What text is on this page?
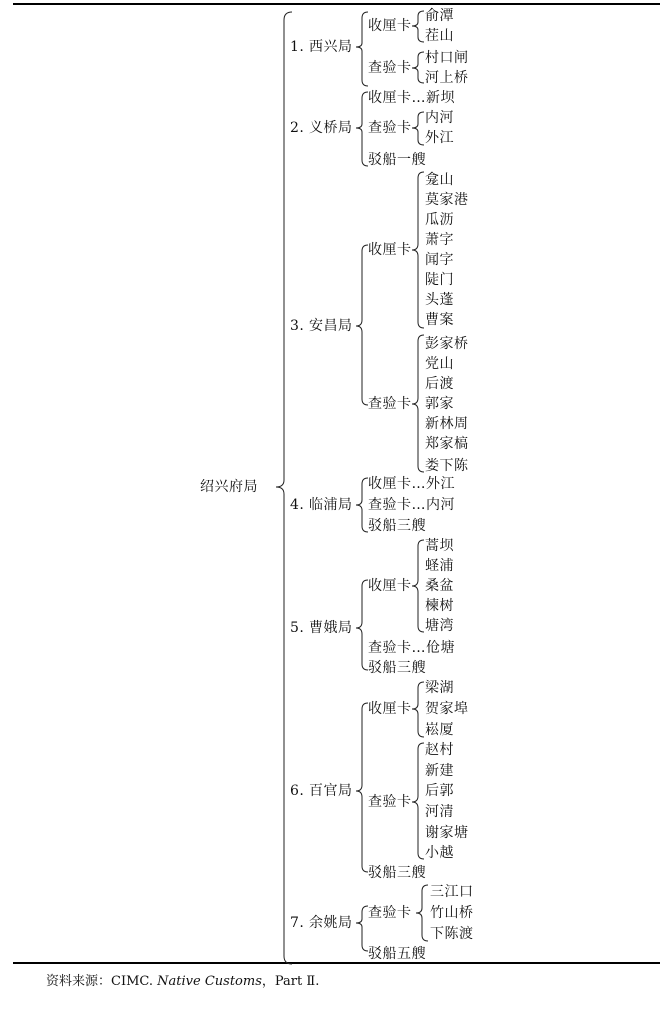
绍兴府局
1. 西兴局
收厘卡
俞潭
茬山
查验卡
村口闸
河上桥
2. 义桥局
收厘卡…新坝
查验卡
内河
外江
驳船一艘
3. 安昌局
收厘卡
龛山
莫家港
瓜沥
萧字
闻字
陡门
头蓬
曹案
查验卡
彭家桥
党山
后渡
郭家
新林周
郑家槁
娄下陈
4. 临浦局
收厘卡…外江
查验卡…内河
驳船三艘
5. 曹娥局
收厘卡
蒿坝
蛏浦
桑盆
楝树
塘湾
查验卡…伧塘
驳船三艘
6. 百官局
收厘卡
梁湖
贺家埠
崧厦
查验卡
赵村
新建
后郭
河清
谢家塘
小越
驳船三艘
7. 余姚局
查验卡
三江口
竹山桥
下陈渡
驳船五艘
资料来源：CIMC. Native Customs，Part Ⅱ.
